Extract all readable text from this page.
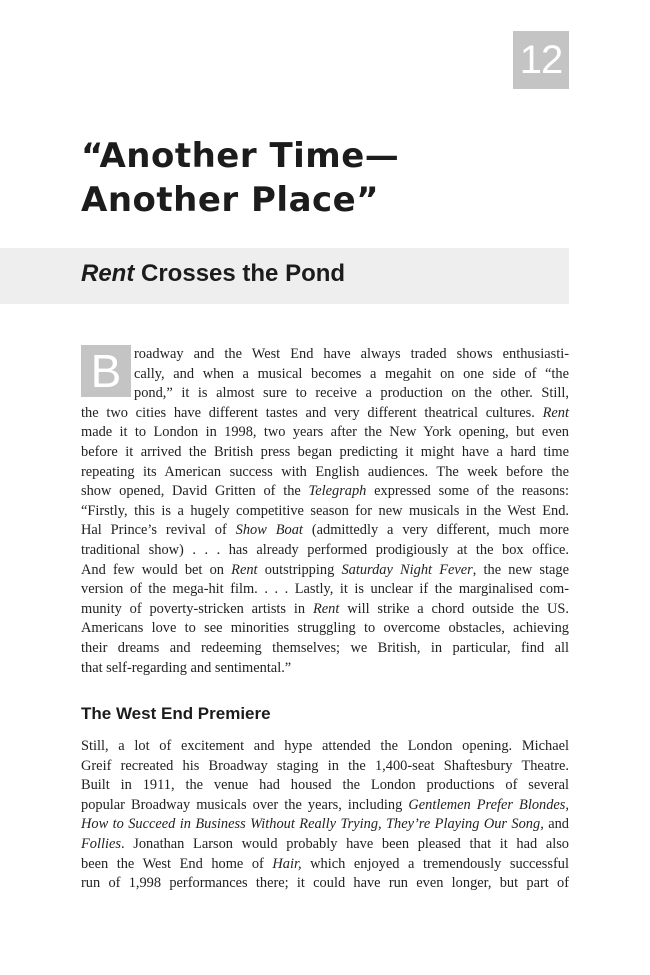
12
“Another Time—
Another Place”
Rent Crosses the Pond
B roadway and the West End have always traded shows enthusiasti-
cally, and when a musical becomes a megahit on one side of “the
pond,” it is almost sure to receive a production on the other. Still,
the two cities have different tastes and very different theatrical cultures. Rent
made it to London in 1998, two years after the New York opening, but even
before it arrived the British press began predicting it might have a hard time
repeating its American success with English audiences. The week before the
show opened, David Gritten of the Telegraph expressed some of the reasons:
“Firstly, this is a hugely competitive season for new musicals in the West End.
Hal Prince’s revival of Show Boat (admittedly a very different, much more
traditional show) . . . has already performed prodigiously at the box office.
And few would bet on Rent outstripping Saturday Night Fever, the new stage
version of the mega-hit film. . . . Lastly, it is unclear if the marginalised com-
munity of poverty-stricken artists in Rent will strike a chord outside the US.
Americans love to see minorities struggling to overcome obstacles, achieving
their dreams and redeeming themselves; we British, in particular, find all
that self-regarding and sentimental.”
The West End Premiere
Still, a lot of excitement and hype attended the London opening. Michael
Greif recreated his Broadway staging in the 1,400-seat Shaftesbury Theatre.
Built in 1911, the venue had housed the London productions of several
popular Broadway musicals over the years, including Gentlemen Prefer Blondes,
How to Succeed in Business Without Really Trying, They’re Playing Our Song, and
Follies. Jonathan Larson would probably have been pleased that it had also
been the West End home of Hair, which enjoyed a tremendously successful
run of 1,998 performances there; it could have run even longer, but part of
